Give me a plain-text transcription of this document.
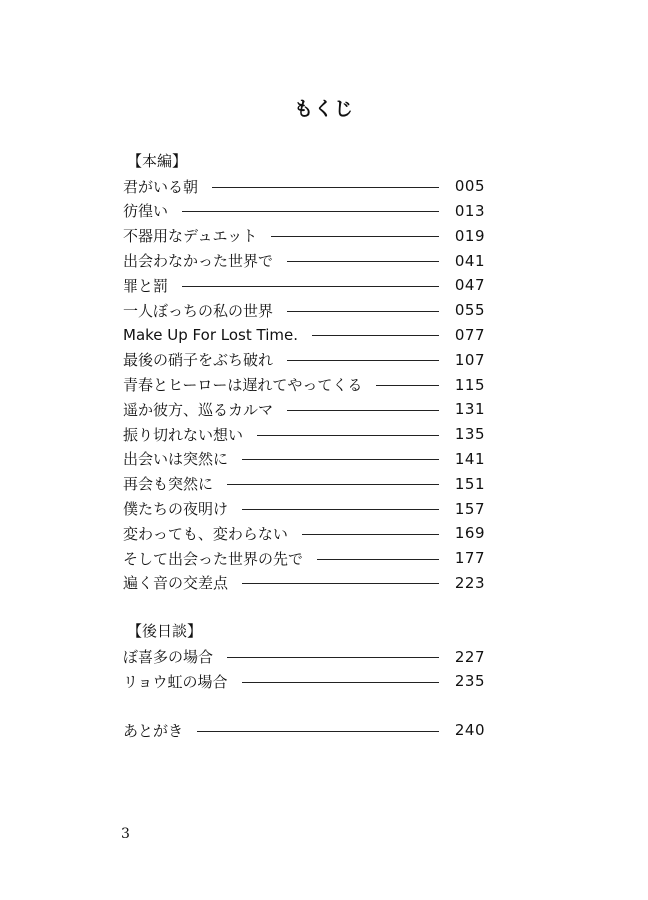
もくじ
【本編】
君がいる朝	005
彷徨い	013
不器用なデュエット	019
出会わなかった世界で	041
罪と罰	047
一人ぼっちの私の世界	055
Make Up For Lost Time.	077
最後の硝子をぶち破れ	107
青春とヒーローは遅れてやってくる	115
遥か彼方、巡るカルマ	131
振り切れない想い	135
出会いは突然に	141
再会も突然に	151
僕たちの夜明け	157
変わっても、変わらない	169
そして出会った世界の先で	177
遍く音の交差点	223
【後日談】
ぼ喜多の場合	227
リョウ虹の場合	235
あとがき	240
3
